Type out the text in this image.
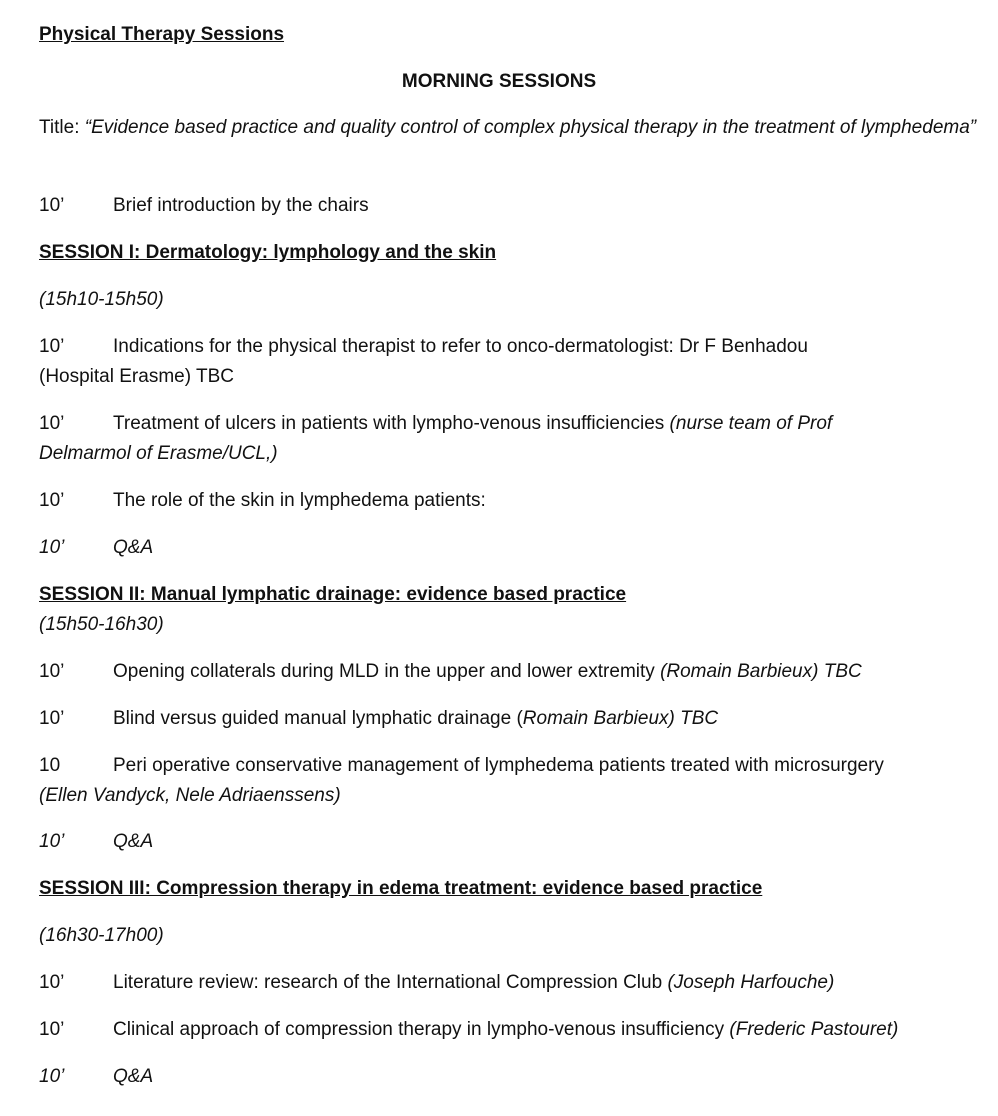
Physical Therapy Sessions
MORNING SESSIONS
Title: “Evidence based practice and quality control of complex physical therapy in the treatment of lymphedema”
10’	Brief introduction by the chairs
SESSION I: Dermatology: lymphology and the skin
(15h10-15h50)
10’	Indications for the physical therapist to refer to onco-dermatologist: Dr F Benhadou
(Hospital Erasme) TBC
10’	Treatment of ulcers in patients with lympho-venous insufficiencies (nurse team of Prof
Delmarmol of Erasme/UCL,)
10’	The role of the skin in lymphedema patients:
10’	Q&A
SESSION II: Manual lymphatic drainage: evidence based practice
(15h50-16h30)
10’	Opening collaterals during MLD in the upper and lower extremity (Romain Barbieux) TBC
10’	Blind versus guided manual lymphatic drainage (Romain Barbieux) TBC
10	Peri operative conservative management of lymphedema patients treated with microsurgery
(Ellen Vandyck, Nele Adriaenssens)
10’	Q&A
SESSION III: Compression therapy in edema treatment: evidence based practice
(16h30-17h00)
10’	Literature review: research of the International Compression Club (Joseph Harfouche)
10’	Clinical approach of compression therapy in lympho-venous insufficiency (Frederic Pastouret)
10’	Q&A
